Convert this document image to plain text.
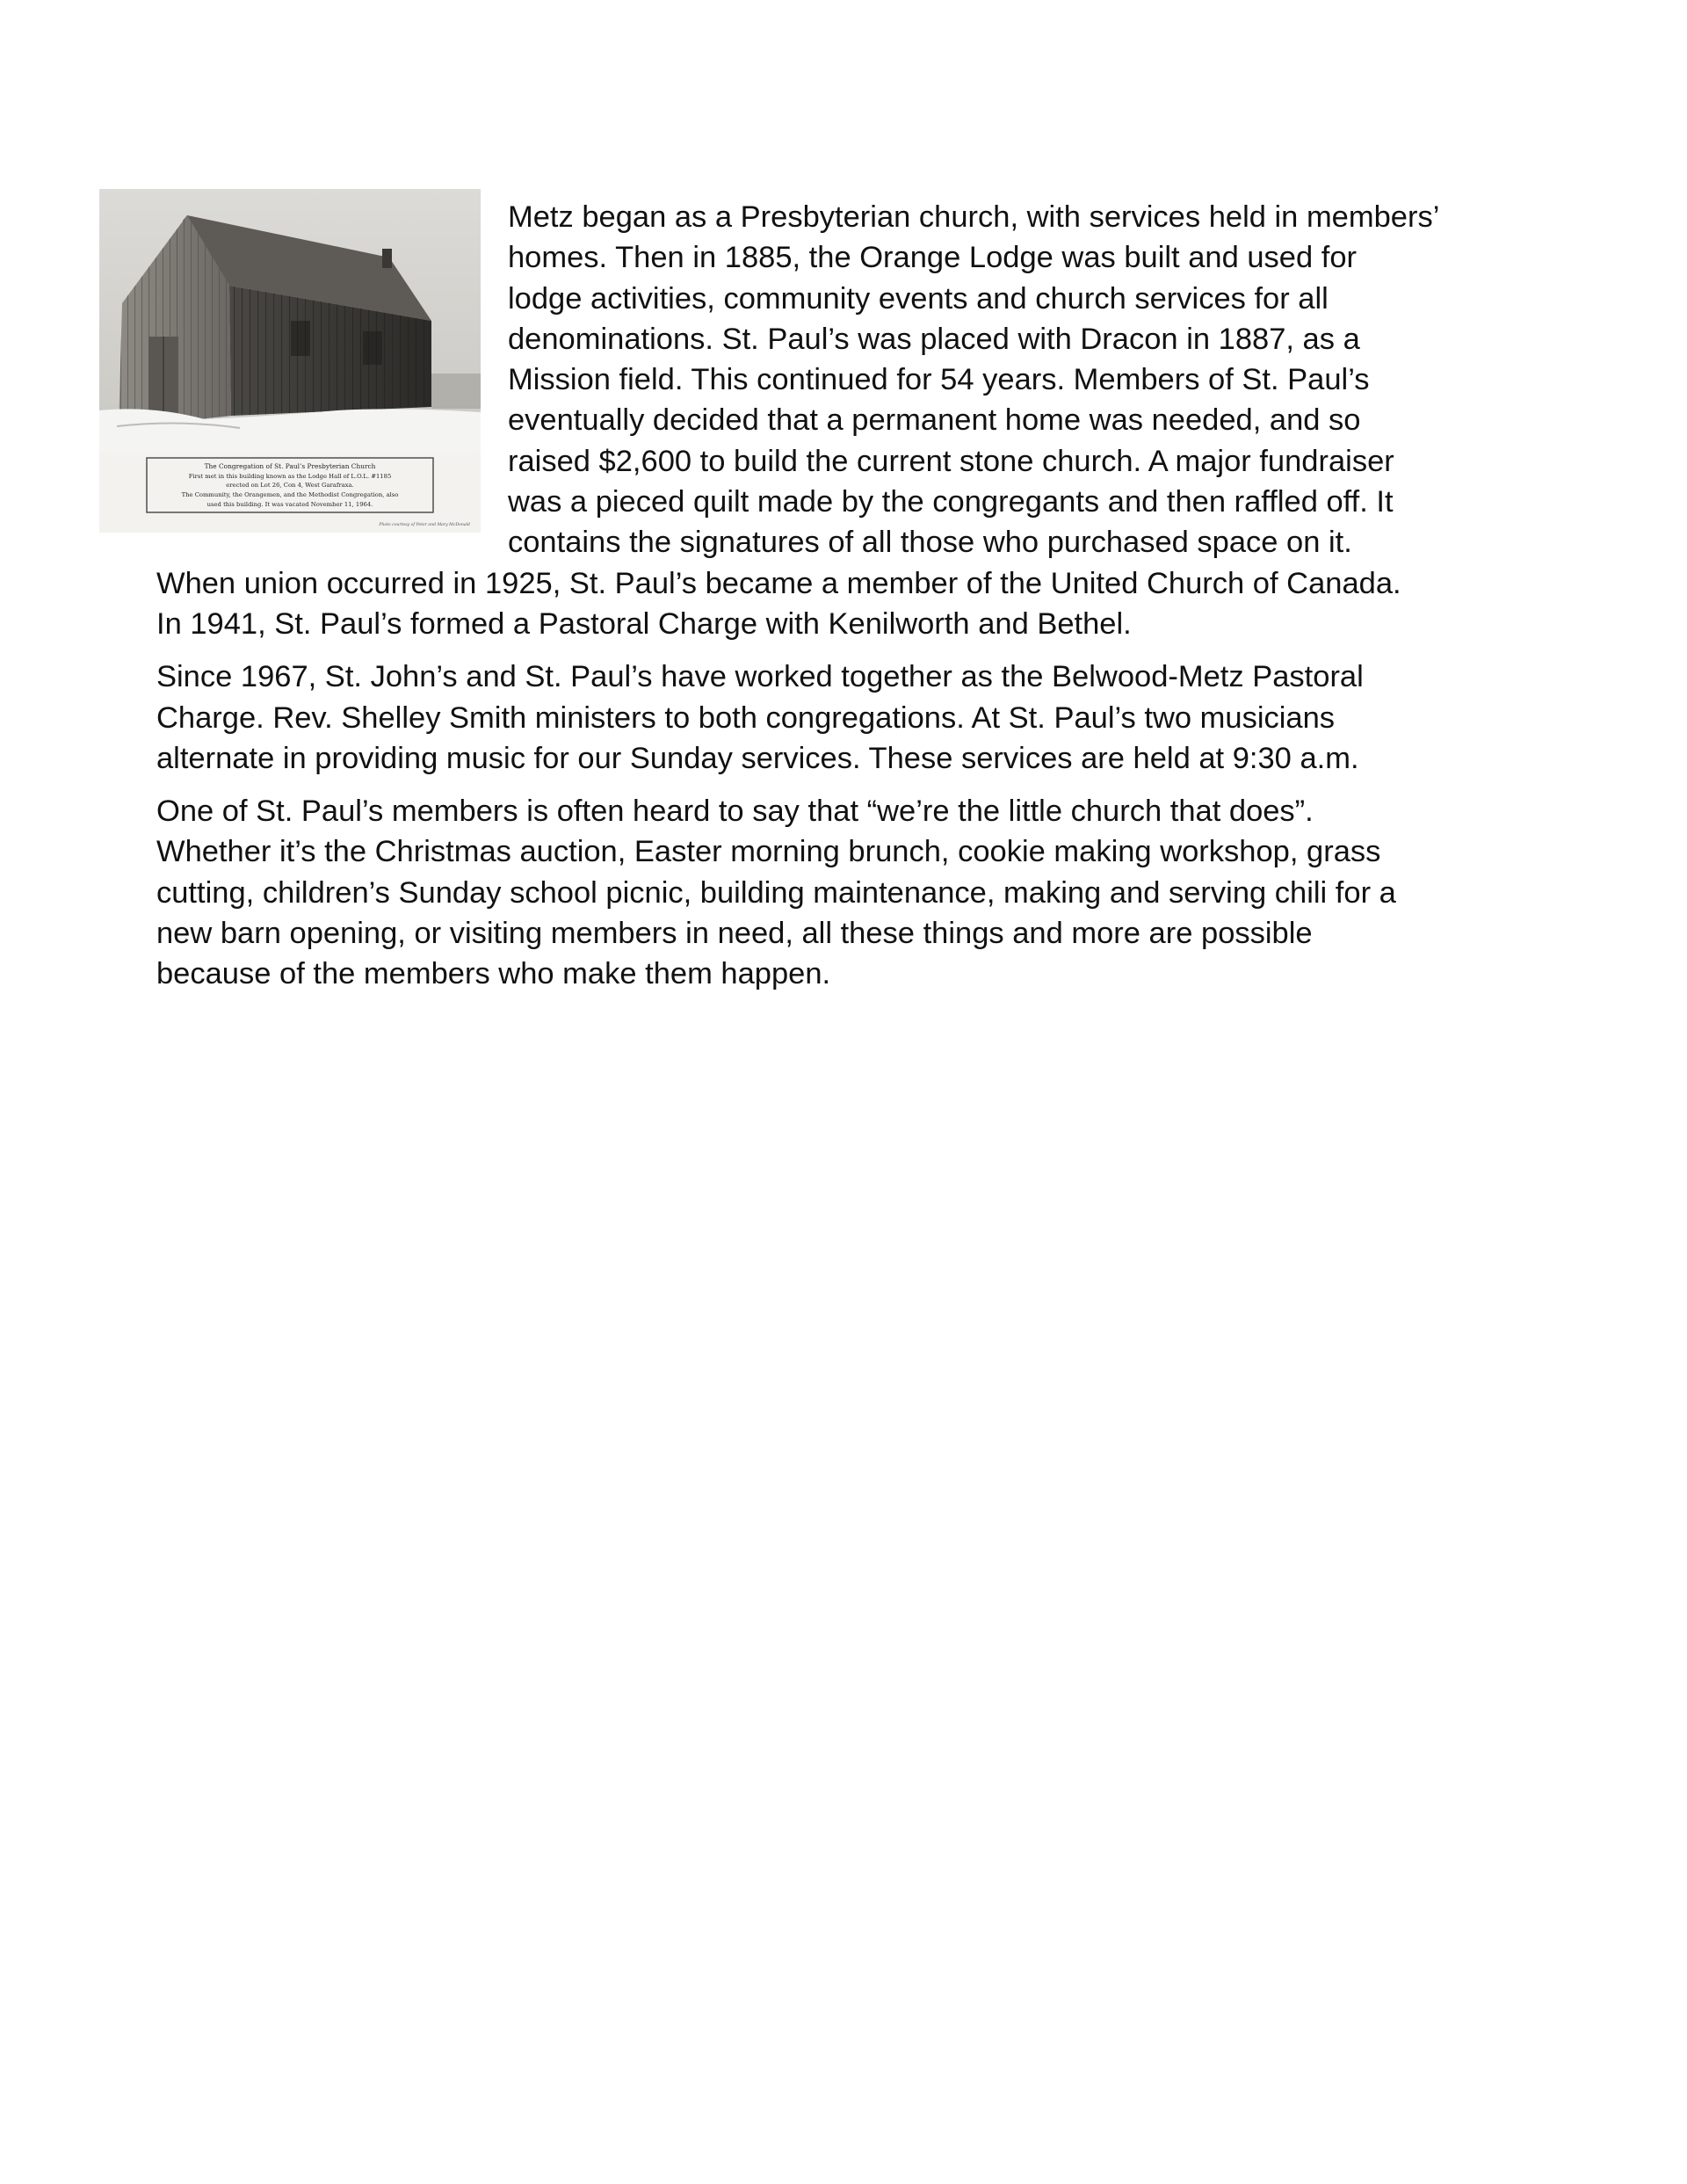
The Congregation of St. Paul’s Presbyterian Church
First met in this building known as the Lodge Hall of L.O.L. #1185
erected on Lot 26, Con 4, West Garafraxa.
The Community, the Orangemen, and the Methodist Congregation, also
used this building. It was vacated November 11, 1964.
Photo courtesy of Peter and Mary McDonald
Metz began as a Presbyterian church, with services held in members’
homes. Then in 1885, the Orange Lodge was built and used for
lodge activities, community events and church services for all
denominations. St. Paul’s was placed with Dracon in 1887, as a
Mission field. This continued for 54 years. Members of St. Paul’s
eventually decided that a permanent home was needed, and so
raised $2,600 to build the current stone church. A major fundraiser
was a pieced quilt made by the congregants and then raffled off. It
contains the signatures of all those who purchased space on it.
When union occurred in 1925, St. Paul’s became a member of the United Church of Canada.
In 1941, St. Paul’s formed a Pastoral Charge with Kenilworth and Bethel.
Since 1967, St. John’s and St. Paul’s have worked together as the Belwood-Metz Pastoral
Charge. Rev. Shelley Smith ministers to both congregations. At St. Paul’s two musicians
alternate in providing music for our Sunday services. These services are held at 9:30 a.m.
One of St. Paul’s members is often heard to say that “we’re the little church that does”.
Whether it’s the Christmas auction, Easter morning brunch, cookie making workshop, grass
cutting, children’s Sunday school picnic, building maintenance, making and serving chili for a
new barn opening, or visiting members in need, all these things and more are possible
because of the members who make them happen.
